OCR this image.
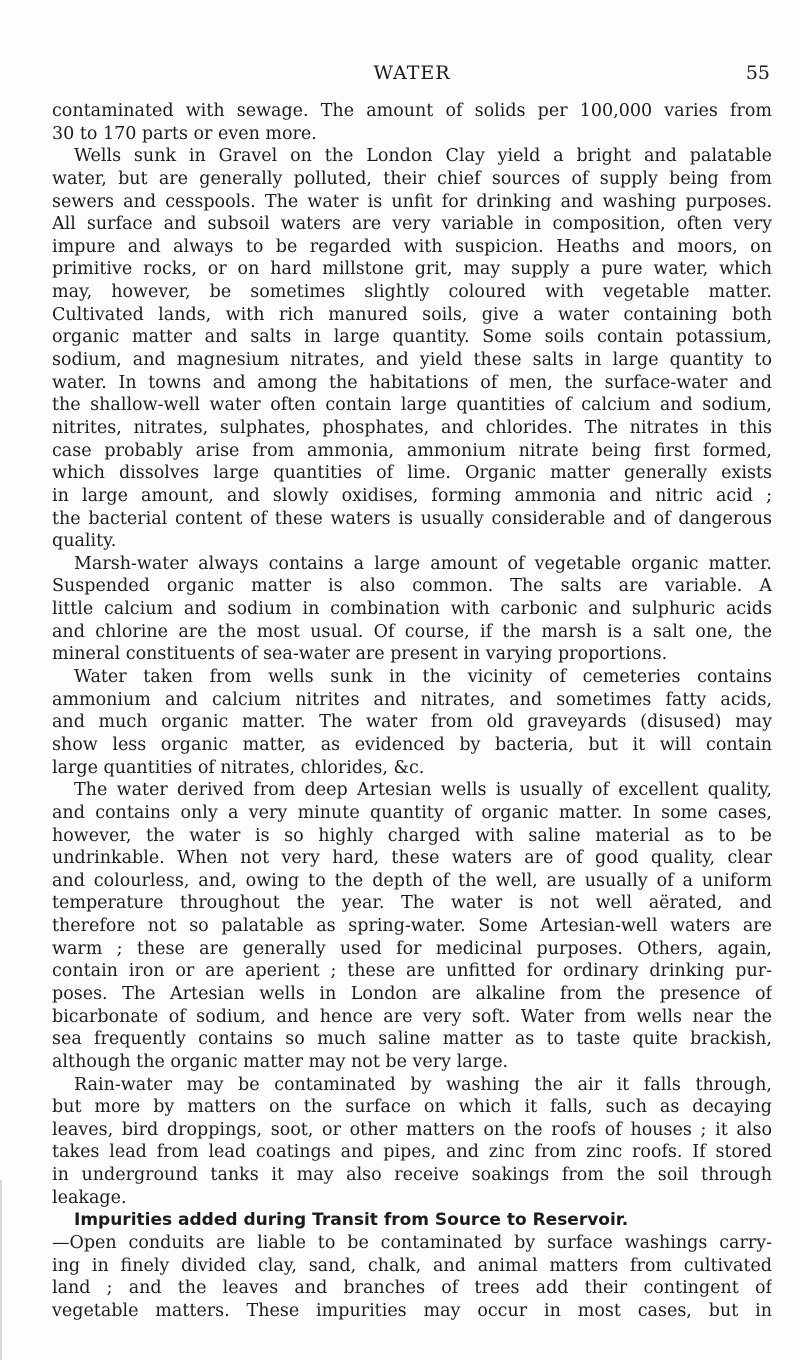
WATER	55
contaminated with sewage. The amount of solids per 100,000 varies from
30 to 170 parts or even more.
Wells sunk in Gravel on the London Clay yield a bright and palatable
water, but are generally polluted, their chief sources of supply being from
sewers and cesspools. The water is unfit for drinking and washing purposes.
All surface and subsoil waters are very variable in composition, often very
impure and always to be regarded with suspicion. Heaths and moors, on
primitive rocks, or on hard millstone grit, may supply a pure water, which
may, however, be sometimes slightly coloured with vegetable matter.
Cultivated lands, with rich manured soils, give a water containing both
organic matter and salts in large quantity. Some soils contain potassium,
sodium, and magnesium nitrates, and yield these salts in large quantity to
water. In towns and among the habitations of men, the surface-water and
the shallow-well water often contain large quantities of calcium and sodium,
nitrites, nitrates, sulphates, phosphates, and chlorides. The nitrates in this
case probably arise from ammonia, ammonium nitrate being first formed,
which dissolves large quantities of lime. Organic matter generally exists
in large amount, and slowly oxidises, forming ammonia and nitric acid ;
the bacterial content of these waters is usually considerable and of dangerous
quality.
Marsh-water always contains a large amount of vegetable organic matter.
Suspended organic matter is also common. The salts are variable. A
little calcium and sodium in combination with carbonic and sulphuric acids
and chlorine are the most usual. Of course, if the marsh is a salt one, the
mineral constituents of sea-water are present in varying proportions.
Water taken from wells sunk in the vicinity of cemeteries contains
ammonium and calcium nitrites and nitrates, and sometimes fatty acids,
and much organic matter. The water from old graveyards (disused) may
show less organic matter, as evidenced by bacteria, but it will contain
large quantities of nitrates, chlorides, &c.
The water derived from deep Artesian wells is usually of excellent quality,
and contains only a very minute quantity of organic matter. In some cases,
however, the water is so highly charged with saline material as to be
undrinkable. When not very hard, these waters are of good quality, clear
and colourless, and, owing to the depth of the well, are usually of a uniform
temperature throughout the year. The water is not well aërated, and
therefore not so palatable as spring-water. Some Artesian-well waters are
warm ; these are generally used for medicinal purposes. Others, again,
contain iron or are aperient ; these are unfitted for ordinary drinking pur-
poses. The Artesian wells in London are alkaline from the presence of
bicarbonate of sodium, and hence are very soft. Water from wells near the
sea frequently contains so much saline matter as to taste quite brackish,
although the organic matter may not be very large.
Rain-water may be contaminated by washing the air it falls through,
but more by matters on the surface on which it falls, such as decaying
leaves, bird droppings, soot, or other matters on the roofs of houses ; it also
takes lead from lead coatings and pipes, and zinc from zinc roofs. If stored
in underground tanks it may also receive soakings from the soil through
leakage.
Impurities added during Transit from Source to Reservoir.
—Open conduits are liable to be contaminated by surface washings carry-
ing in finely divided clay, sand, chalk, and animal matters from cultivated
land ; and the leaves and branches of trees add their contingent of
vegetable matters. These impurities may occur in most cases, but in
